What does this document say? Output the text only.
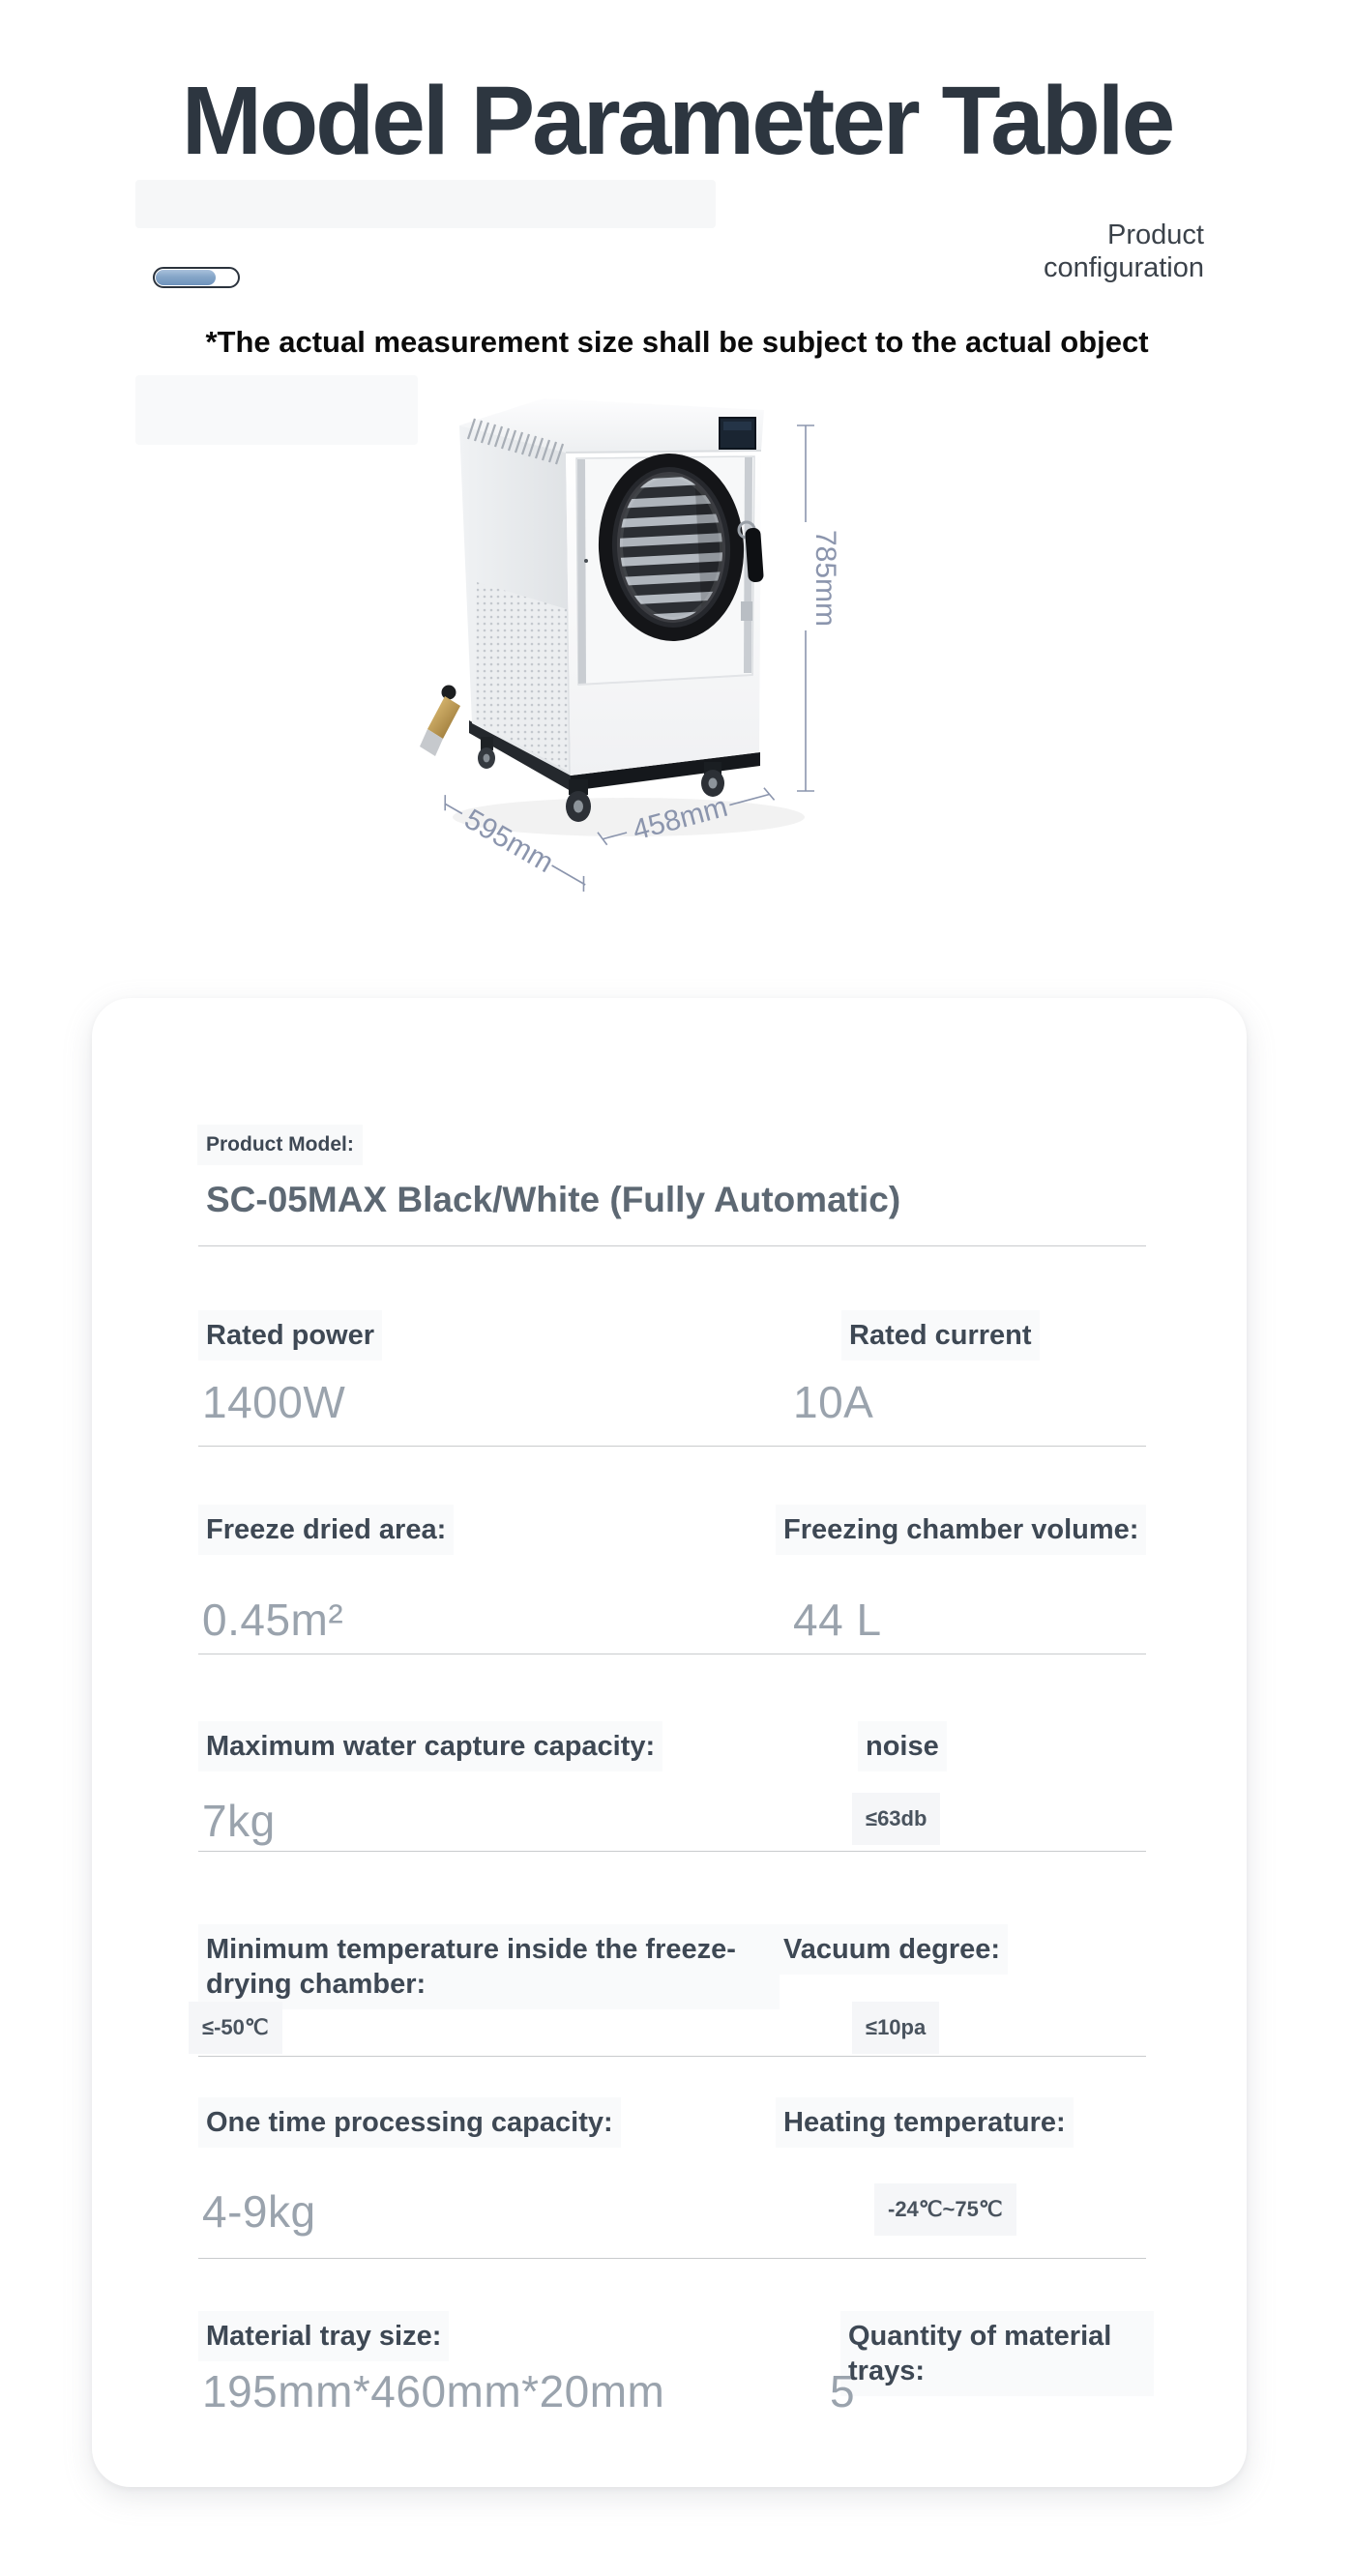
Model Parameter Table
Product
configuration

*The actual measurement size shall be subject to the actual object

785mm
595mm 458mm
Product Model:
SC-05MAX Black/White (Fully Automatic)
Rated power
1400W
Rated current
10A
Freeze dried area:
0.45m²
Freezing chamber volume:
44 L
Maximum water capture capacity:
7kg
noise
≤63db
Minimum temperature inside the freeze-drying chamber:
≤-50℃
Vacuum degree:
≤10pa
One time processing capacity:
4-9kg
Heating temperature:
-24℃~75℃
Material tray size:
195mm*460mm*20mm
Quantity of material trays:
5
